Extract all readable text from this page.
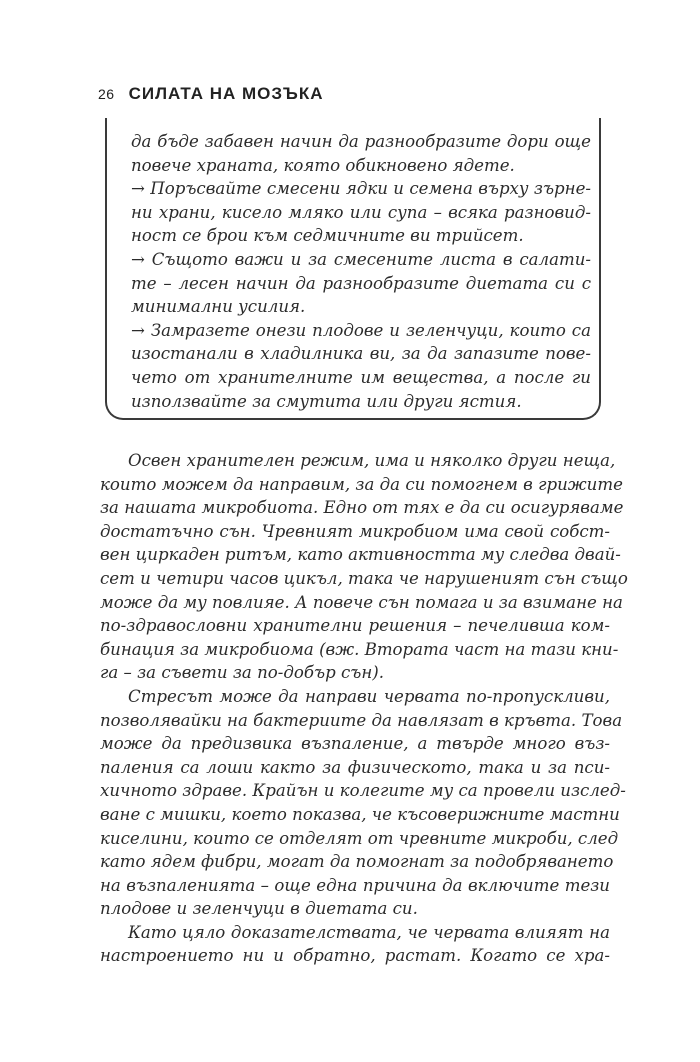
26 СИЛАТА НА МОЗЪКА
да бъде забавен начин да разнообразите дори още
повече храната, която обикновено ядете.
→ Поръсвайте смесени ядки и семена върху зърне-
ни храни, кисело мляко или супа – всяка разновид-
ност се брои към седмичните ви трийсет.
→ Същото важи и за смесените листа в салати-
те – лесен начин да разнообразите диетата си с
минимални усилия.
→ Замразете онези плодове и зеленчуци, които са
изостанали в хладилника ви, за да запазите пове-
чето от хранителните им вещества, а после ги
използвайте за смутита или други ястия.
Освен хранителен режим, има и няколко други неща,
които можем да направим, за да си помогнем в грижите
за нашата микробиота. Едно от тях е да си осигуряваме
достатъчно сън. Чревният микробиом има свой собст-
вен циркаден ритъм, като активността му следва двай-
сет и четири часов цикъл, така че нарушеният сън също
може да му повлияе. А повече сън помага и за взимане на
по-здравословни хранителни решения – печелившa ком-
бинация за микробиома (вж. Втората част на тази кни-
га – за съвети за по-добър сън).
Стресът може да направи червата по-пропускливи,
позволявайки на бактериите да навлязат в кръвта. Това
може да предизвика възпаление, а твърде много въз-
паления са лоши както за физическото, така и за пси-
хичното здраве. Крайън и колегите му са провели изслед-
ване с мишки, което показва, че късоверижните мастни
киселини, които се отделят от чревните микроби, след
като ядем фибри, могат да помогнат за подобряването
на възпаленията – още една причина да включите тези
плодове и зеленчуци в диетата си.
Като цяло доказателствата, че червата влияят на
настроението ни и обратно, растат. Когато се хра-
